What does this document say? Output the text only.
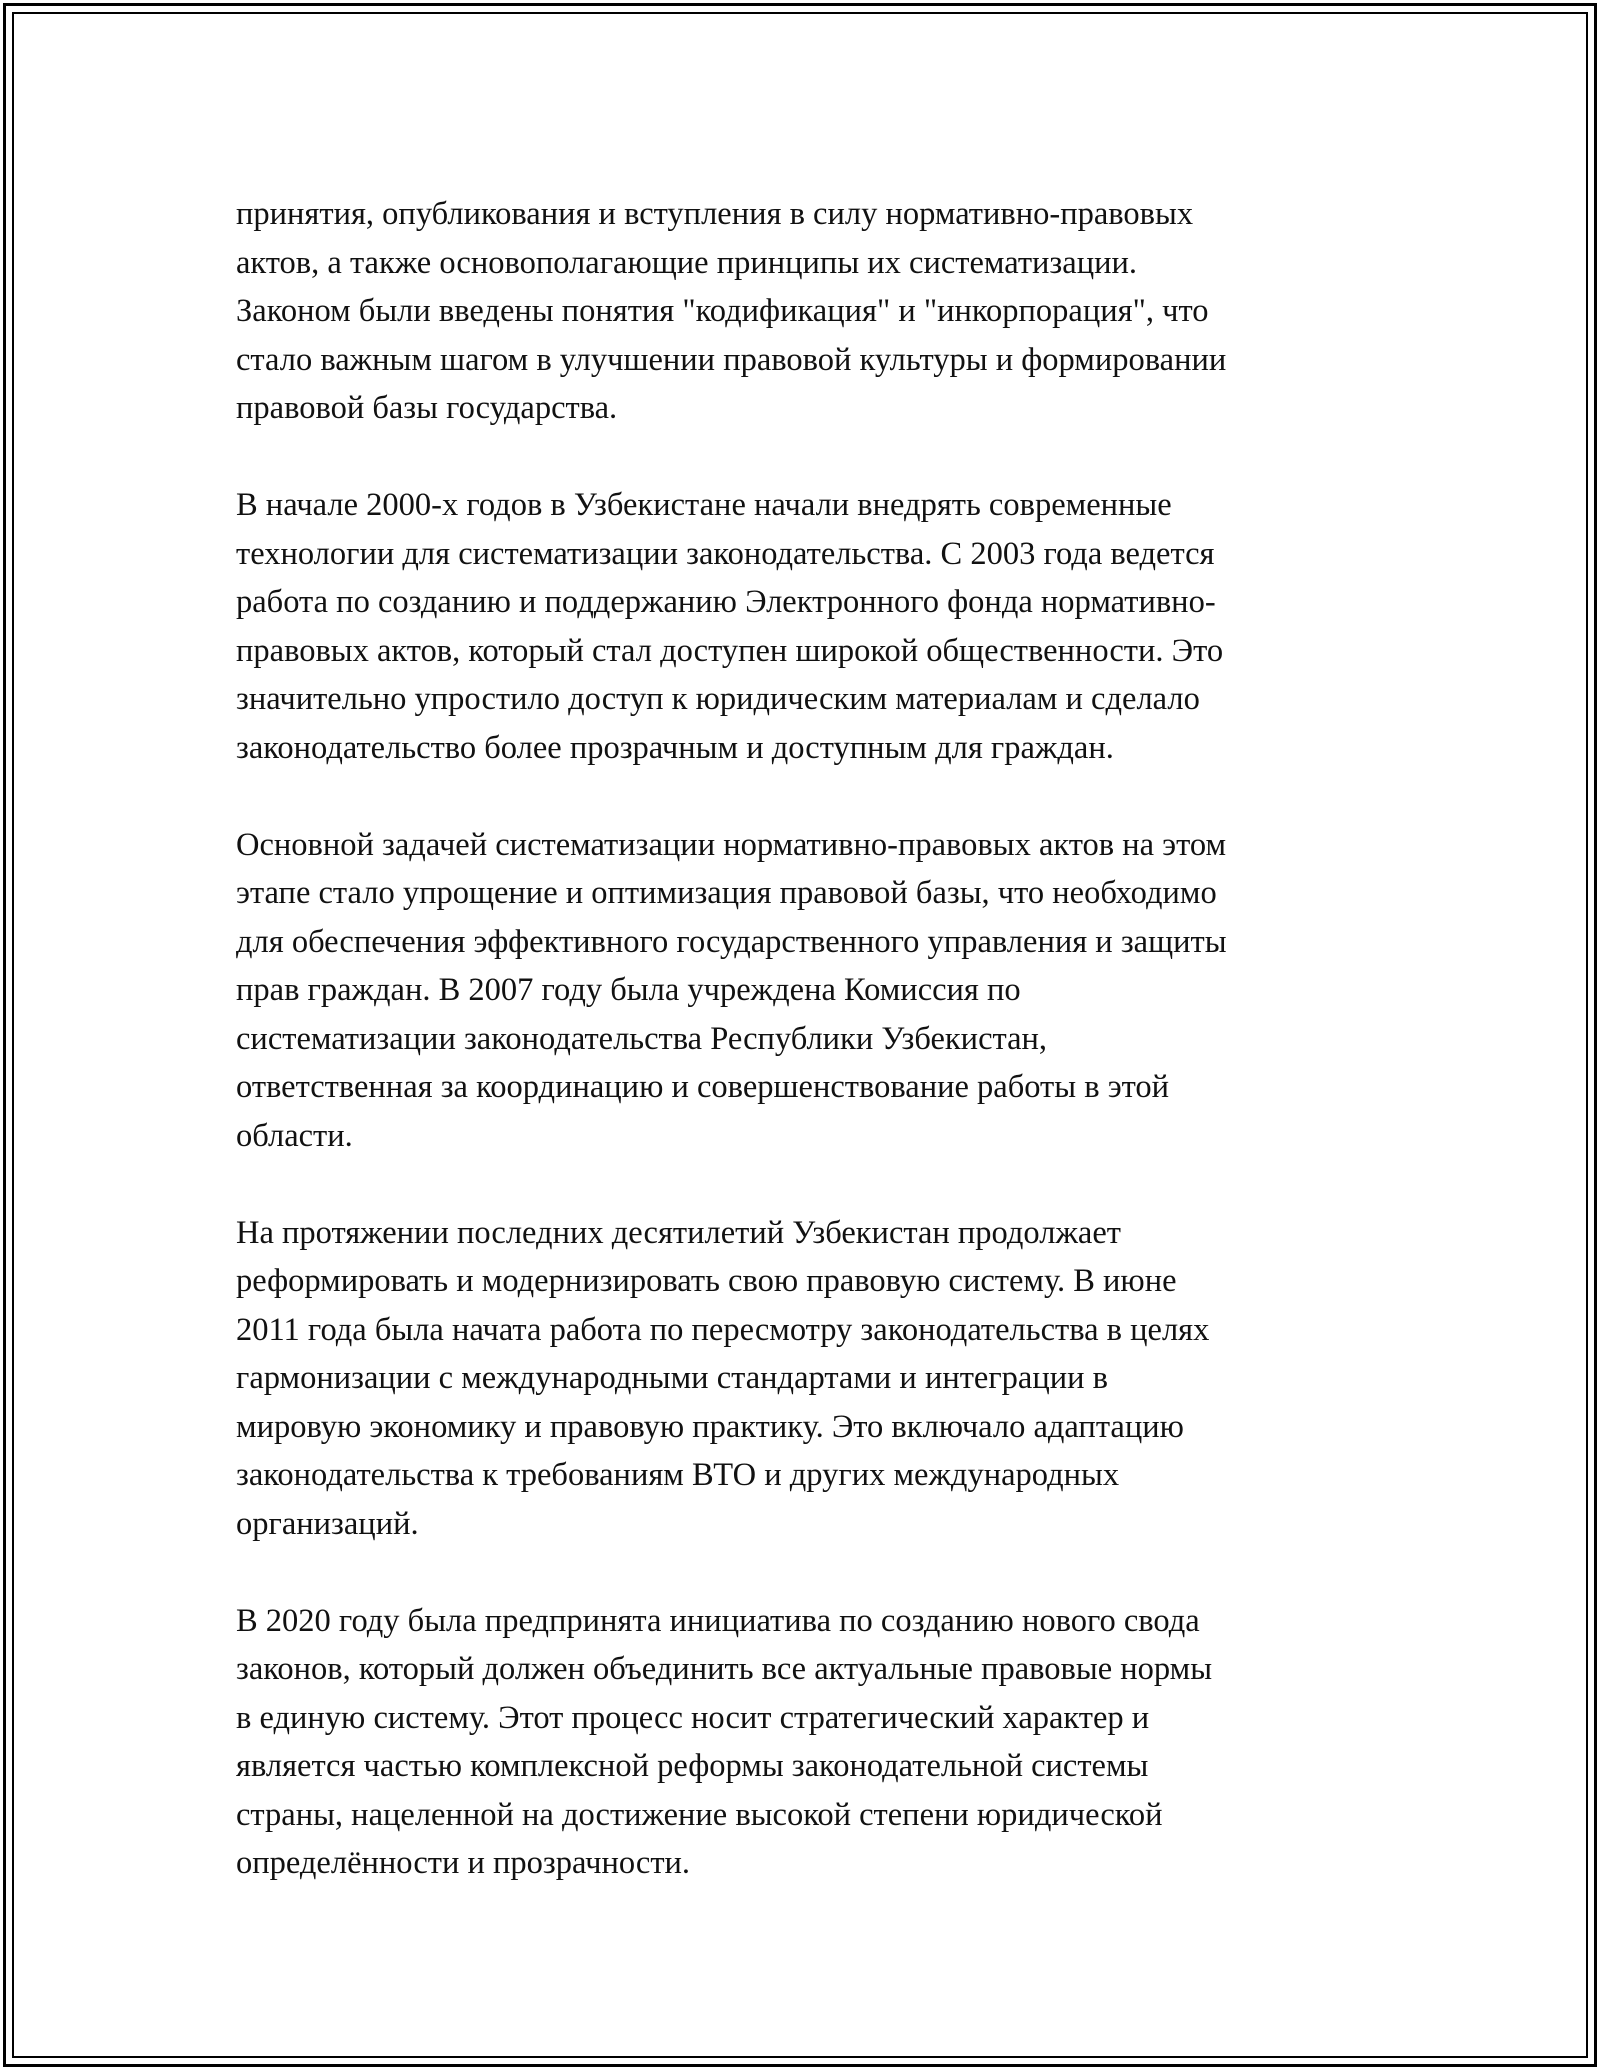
принятия, опубликования и вступления в силу нормативно-правовых
актов, а также основополагающие принципы их систематизации.
Законом были введены понятия "кодификация" и "инкорпорация", что
стало важным шагом в улучшении правовой культуры и формировании
правовой базы государства.

В начале 2000-х годов в Узбекистане начали внедрять современные
технологии для систематизации законодательства. С 2003 года ведется
работа по созданию и поддержанию Электронного фонда нормативно-
правовых актов, который стал доступен широкой общественности. Это
значительно упростило доступ к юридическим материалам и сделало
законодательство более прозрачным и доступным для граждан.

Основной задачей систематизации нормативно-правовых актов на этом
этапе стало упрощение и оптимизация правовой базы, что необходимо
для обеспечения эффективного государственного управления и защиты
прав граждан. В 2007 году была учреждена Комиссия по
систематизации законодательства Республики Узбекистан,
ответственная за координацию и совершенствование работы в этой
области.

На протяжении последних десятилетий Узбекистан продолжает
реформировать и модернизировать свою правовую систему. В июне
2011 года была начата работа по пересмотру законодательства в целях
гармонизации с международными стандартами и интеграции в
мировую экономику и правовую практику. Это включало адаптацию
законодательства к требованиям ВТО и других международных
организаций.

В 2020 году была предпринята инициатива по созданию нового свода
законов, который должен объединить все актуальные правовые нормы
в единую систему. Этот процесс носит стратегический характер и
является частью комплексной реформы законодательной системы
страны, нацеленной на достижение высокой степени юридической
определённости и прозрачности.
